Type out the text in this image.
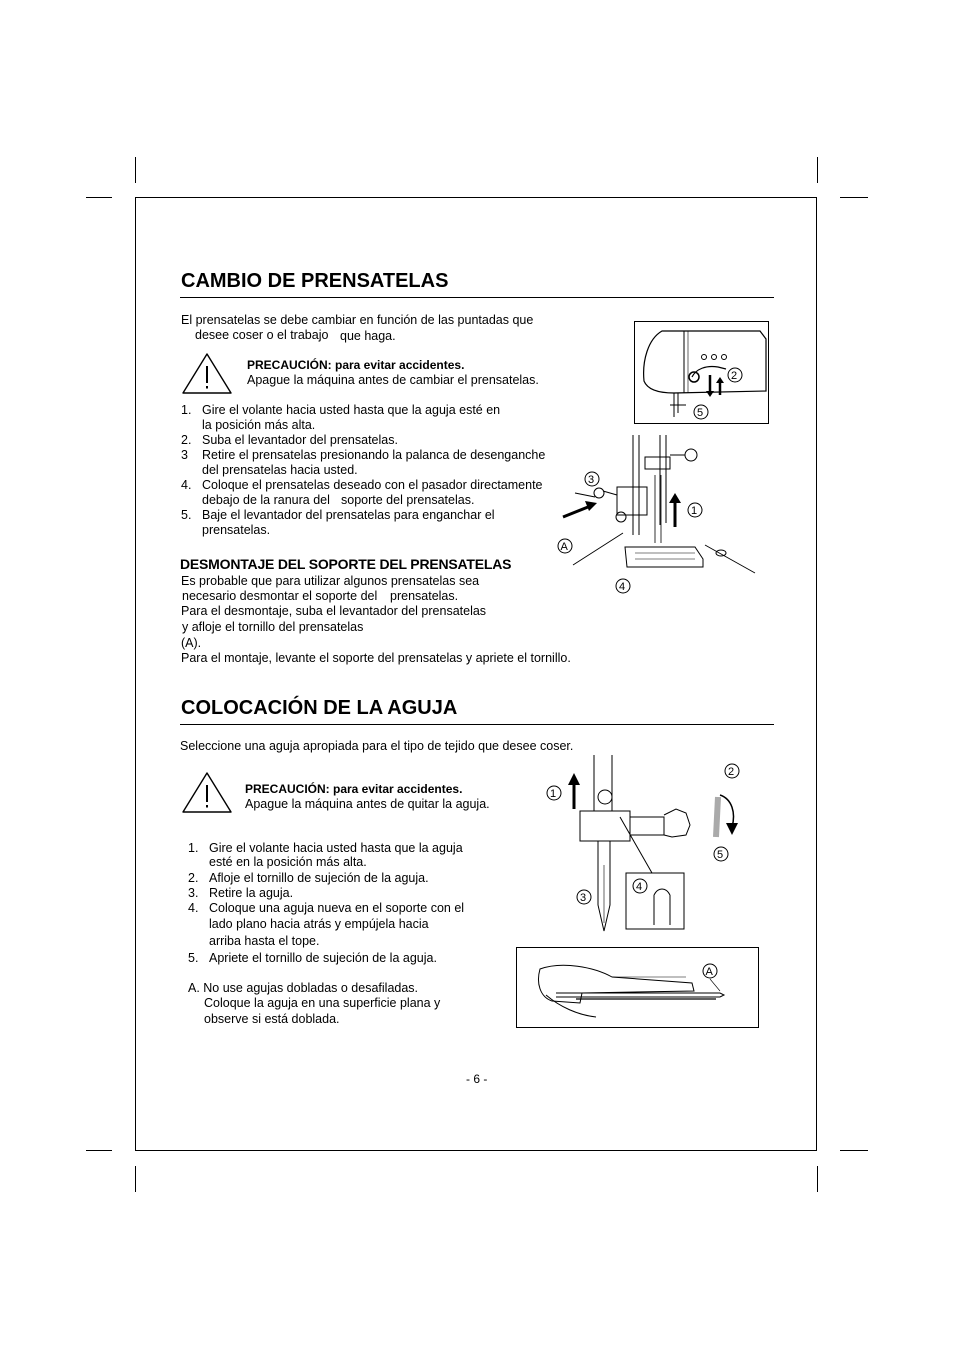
CAMBIO DE PRENSATELAS
El prensatelas se debe cambiar en función de las puntadas que
desee coser o el trabajo que haga.
PRECAUCIÓN: para evitar accidentes.
Apague la máquina antes de cambiar el prensatelas.
1. Gire el volante hacia usted hasta que la aguja esté en
la posición más alta.
2. Suba el levantador del prensatelas.
3 Retire el prensatelas presionando la palanca de desenganche
del prensatelas hacia usted.
4. Coloque el prensatelas deseado con el pasador directamente
debajo de la ranura del soporte del prensatelas.
5. Baje el levantador del prensatelas para enganchar el
prensatelas.
DESMONTAJE DEL SOPORTE DEL PRENSATELAS
Es probable que para utilizar algunos prensatelas sea
necesario desmontar el soporte del prensatelas.
Para el desmontaje, suba el levantador del prensatelas
y afloje el tornillo del prensatelas
(A).
Para el montaje, levante el soporte del prensatelas y apriete el tornillo.
2
5
3
1
A
4
COLOCACIÓN DE LA AGUJA
Seleccione una aguja apropiada para el tipo de tejido que desee coser.
PRECAUCIÓN: para evitar accidentes.
Apague la máquina antes de quitar la aguja.
1. Gire el volante hacia usted hasta que la aguja
esté en la posición más alta.
2. Afloje el tornillo de sujeción de la aguja.
3. Retire la aguja.
4. Coloque una aguja nueva en el soporte con el
lado plano hacia atrás y empújela hacia
arriba hasta el tope.
5. Apriete el tornillo de sujeción de la aguja.
A. No use agujas dobladas o desafiladas.
Coloque la aguja en una superficie plana y
observe si está doblada.
1
2
3
4
5
A
- 6 -
